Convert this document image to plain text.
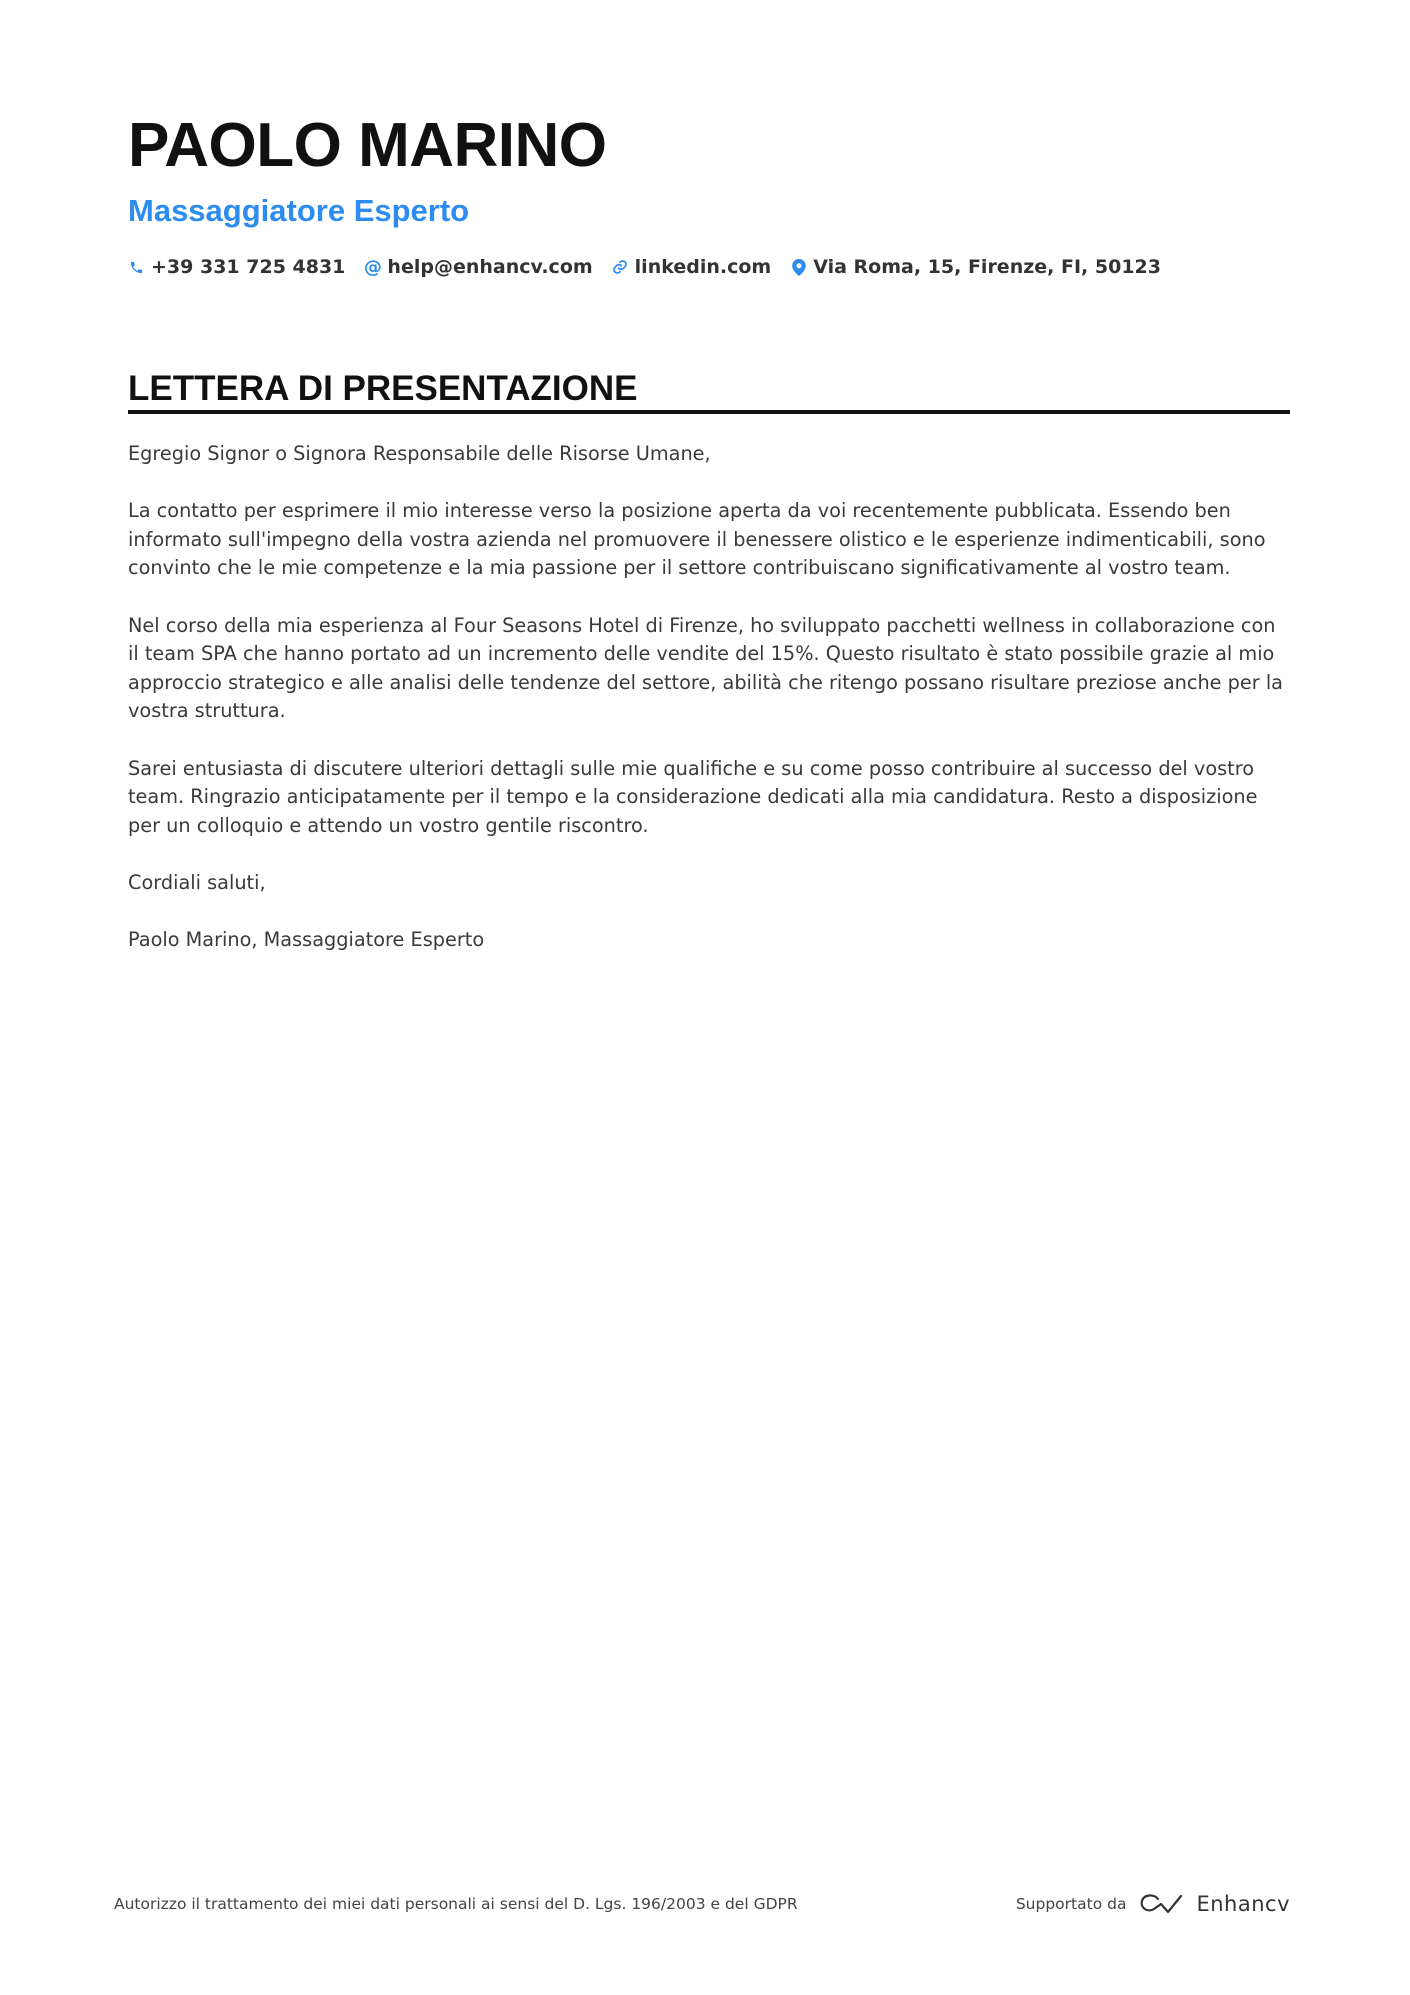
PAOLO MARINO
Massaggiatore Esperto
+39 331 725 4831 @ help@enhancv.com linkedin.com Via Roma, 15, Firenze, FI, 50123
LETTERA DI PRESENTAZIONE

Egregio Signor o Signora Responsabile delle Risorse Umane,

La contatto per esprimere il mio interesse verso la posizione aperta da voi recentemente pubblicata. Essendo ben informato sull'impegno della vostra azienda nel promuovere il benessere olistico e le esperienze indimenticabili, sono convinto che le mie competenze e la mia passione per il settore contribuiscano significativamente al vostro team.

Nel corso della mia esperienza al Four Seasons Hotel di Firenze, ho sviluppato pacchetti wellness in collaborazione con il team SPA che hanno portato ad un incremento delle vendite del 15%. Questo risultato è stato possibile grazie al mio approccio strategico e alle analisi delle tendenze del settore, abilità che ritengo possano risultare preziose anche per la vostra struttura.

Sarei entusiasta di discutere ulteriori dettagli sulle mie qualifiche e su come posso contribuire al successo del vostro team. Ringrazio anticipatamente per il tempo e la considerazione dedicati alla mia candidatura. Resto a disposizione per un colloquio e attendo un vostro gentile riscontro.

Cordiali saluti,

Paolo Marino, Massaggiatore Esperto

Autorizzo il trattamento dei miei dati personali ai sensi del D. Lgs. 196/2003 e del GDPR	Supportato da	Enhancv
